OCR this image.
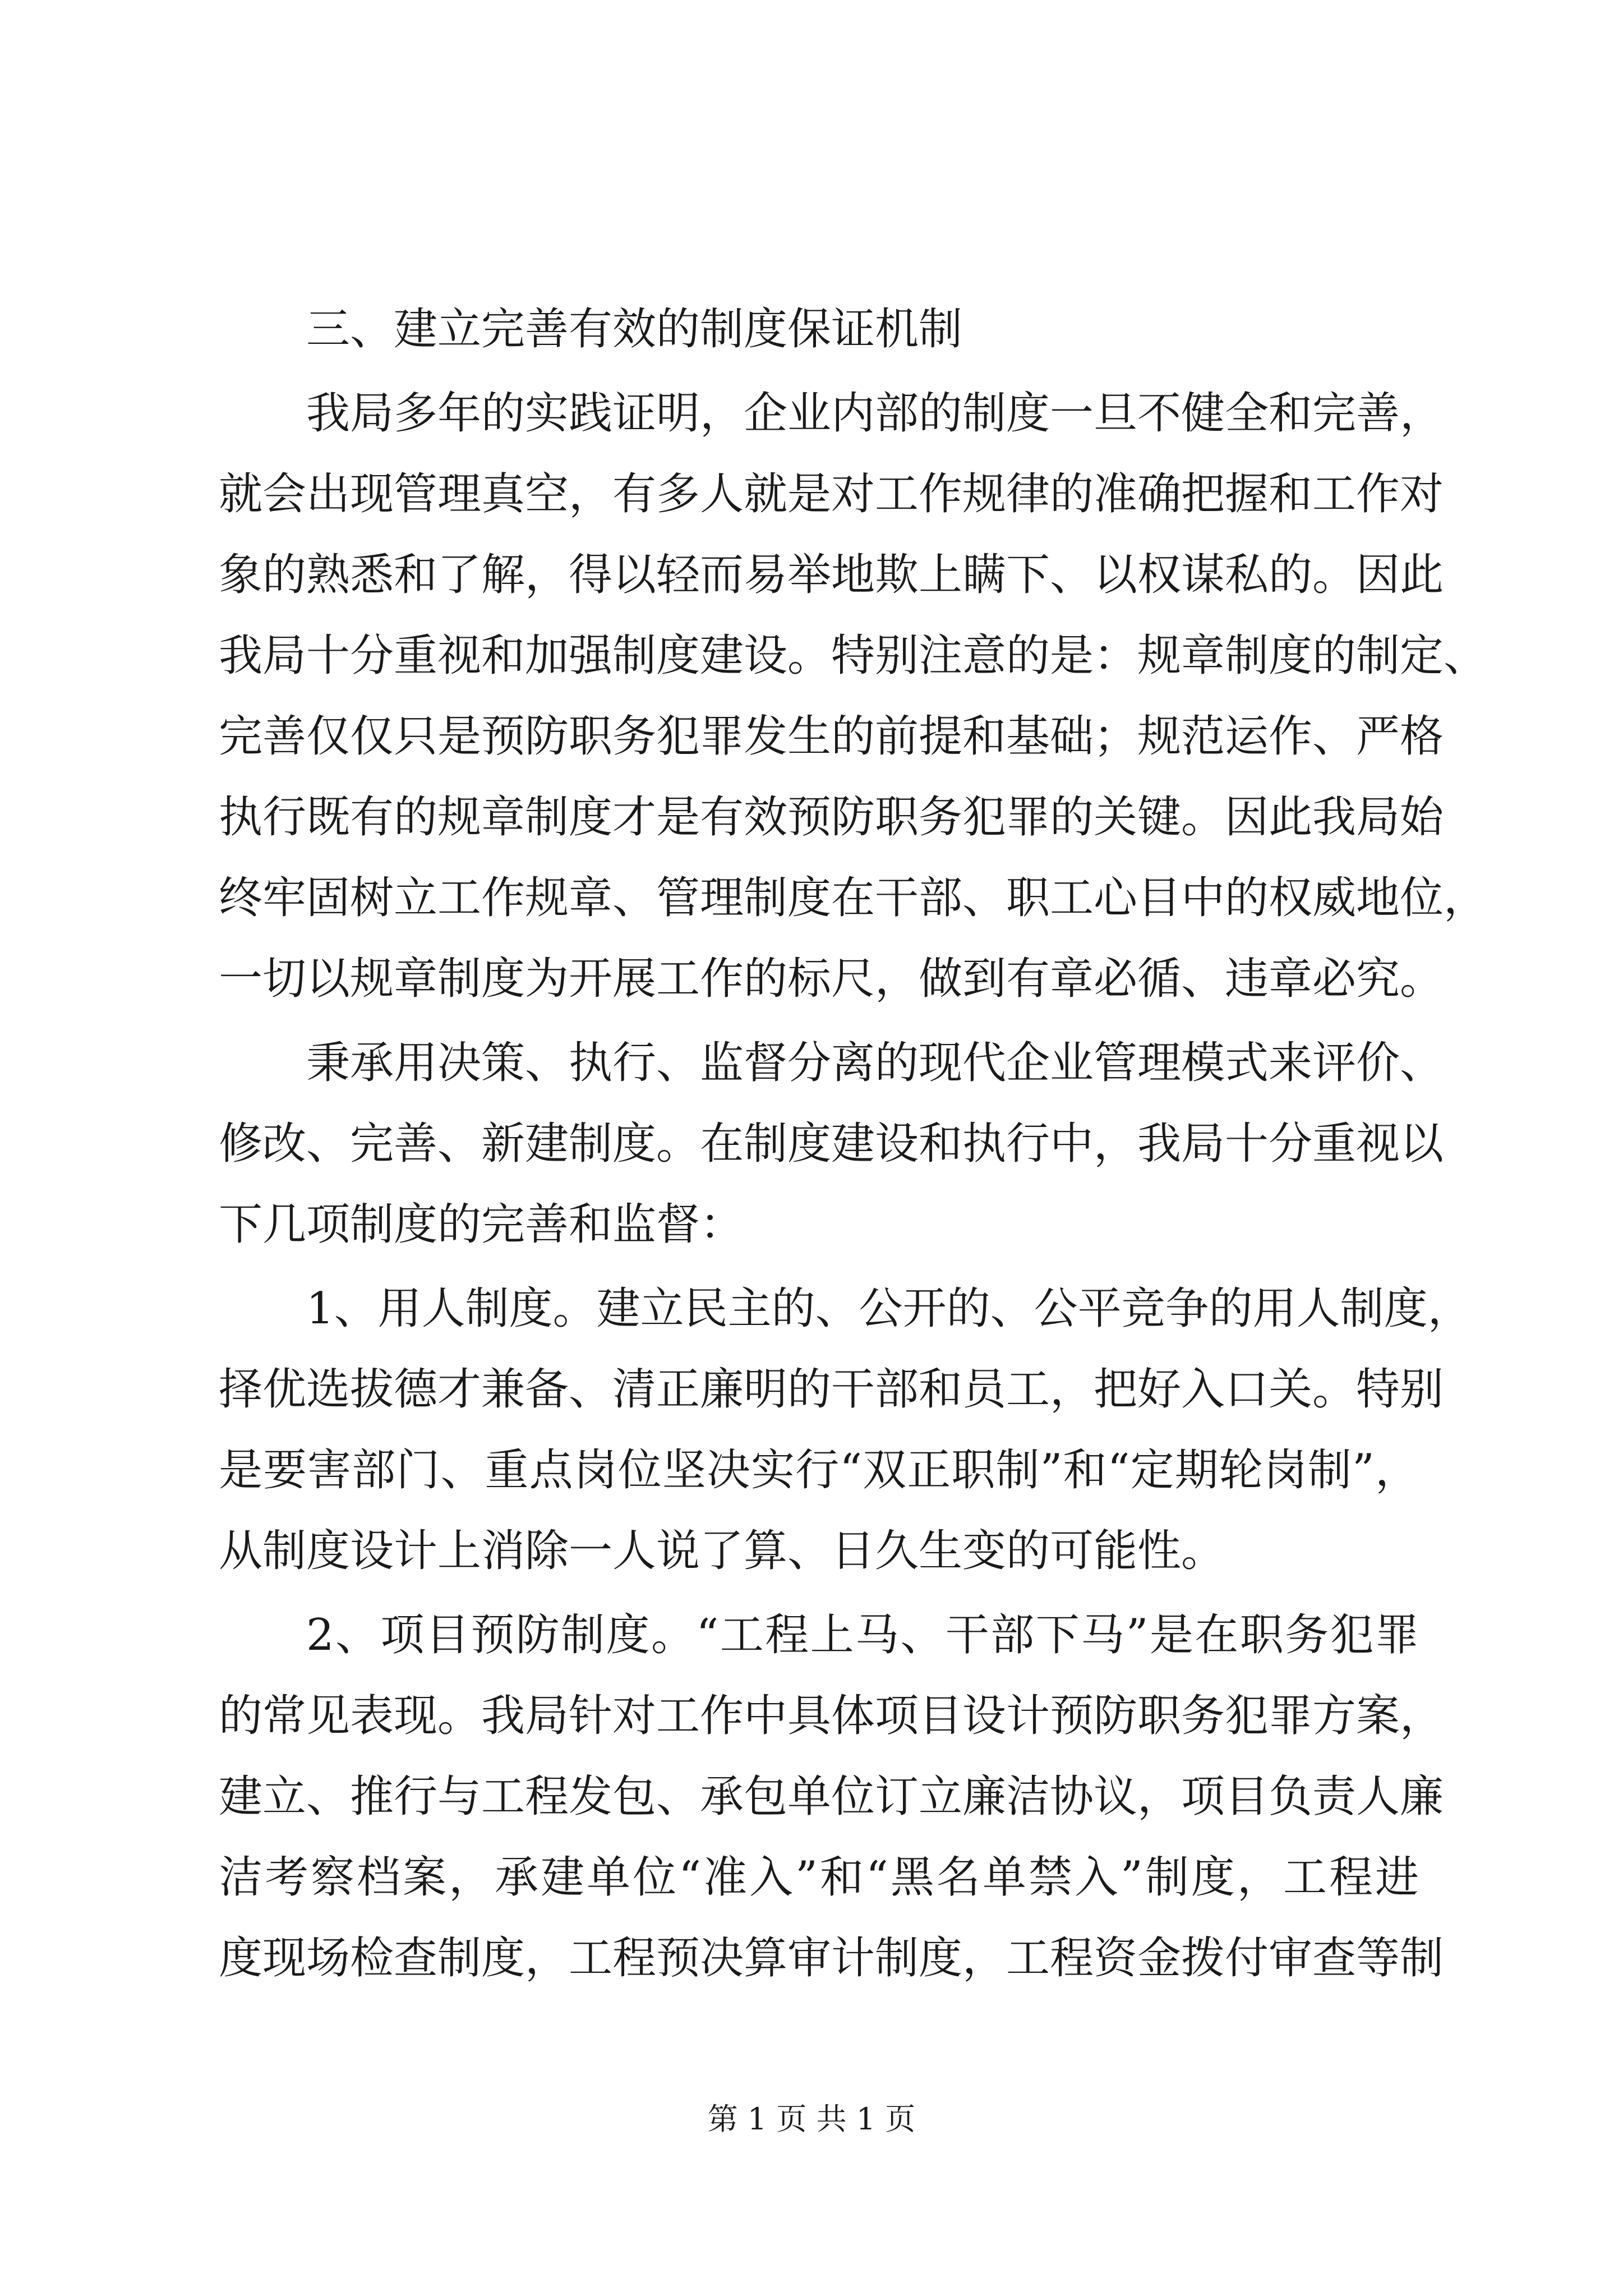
三、建立完善有效的制度保证机制
我局多年的实践证明，企业内部的制度一旦不健全和完善，
就会出现管理真空，有多人就是对工作规律的准确把握和工作对
象的熟悉和了解，得以轻而易举地欺上瞒下、以权谋私的。因此
我局十分重视和加强制度建设。特别注意的是：规章制度的制定、
完善仅仅只是预防职务犯罪发生的前提和基础；规范运作、严格
执行既有的规章制度才是有效预防职务犯罪的关键。因此我局始
终牢固树立工作规章、管理制度在干部、职工心目中的权威地位，
一切以规章制度为开展工作的标尺，做到有章必循、违章必究。
秉承用决策、执行、监督分离的现代企业管理模式来评价、
修改、完善、新建制度。在制度建设和执行中，我局十分重视以
下几项制度的完善和监督：
1、用人制度。建立民主的、公开的、公平竞争的用人制度，
择优选拔德才兼备、清正廉明的干部和员工，把好入口关。特别
是要害部门、重点岗位坚决实行“双正职制”和“定期轮岗制”，
从制度设计上消除一人说了算、日久生变的可能性。
2、项目预防制度。“工程上马、干部下马”是在职务犯罪
的常见表现。我局针对工作中具体项目设计预防职务犯罪方案，
建立、推行与工程发包、承包单位订立廉洁协议，项目负责人廉
洁考察档案，承建单位“准入”和“黑名单禁入”制度，工程进
度现场检查制度，工程预决算审计制度，工程资金拨付审查等制
第 1 页 共 1 页
